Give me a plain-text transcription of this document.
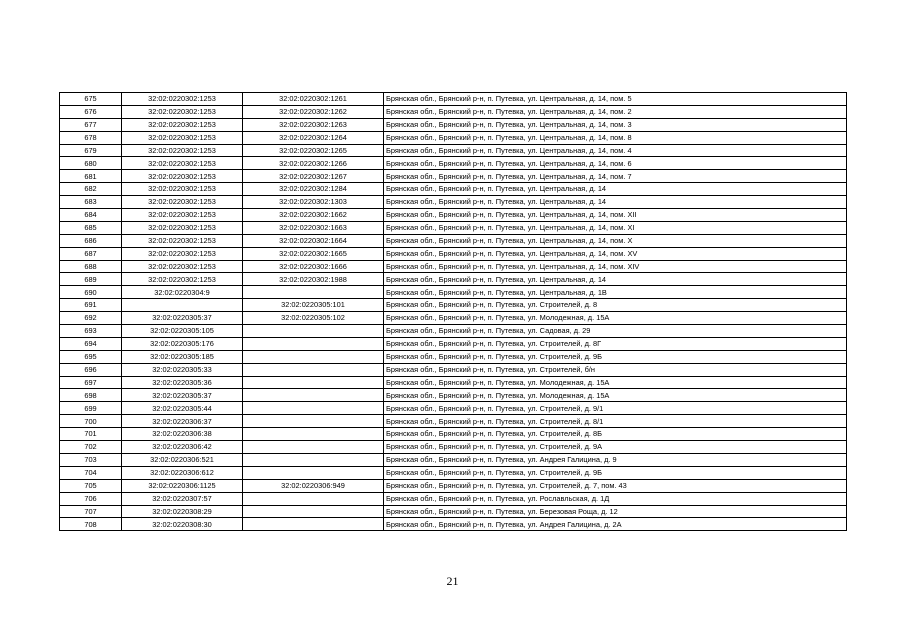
675	32:02:0220302:1253	32:02:0220302:1261	Брянская обл., Брянский р-н, п. Путевка, ул. Центральная, д. 14, пом. 5
676	32:02:0220302:1253	32:02:0220302:1262	Брянская обл., Брянский р-н, п. Путевка, ул. Центральная, д. 14, пом. 2
677	32:02:0220302:1253	32:02:0220302:1263	Брянская обл., Брянский р-н, п. Путевка, ул. Центральная, д. 14, пом. 3
678	32:02:0220302:1253	32:02:0220302:1264	Брянская обл., Брянский р-н, п. Путевка, ул. Центральная, д. 14, пом. 8
679	32:02:0220302:1253	32:02:0220302:1265	Брянская обл., Брянский р-н, п. Путевка, ул. Центральная, д. 14, пом. 4
680	32:02:0220302:1253	32:02:0220302:1266	Брянская обл., Брянский р-н, п. Путевка, ул. Центральная, д. 14, пом. 6
681	32:02:0220302:1253	32:02:0220302:1267	Брянская обл., Брянский р-н, п. Путевка, ул. Центральная, д. 14, пом. 7
682	32:02:0220302:1253	32:02:0220302:1284	Брянская обл., Брянский р-н, п. Путевка, ул. Центральная, д. 14
683	32:02:0220302:1253	32:02:0220302:1303	Брянская обл., Брянский р-н, п. Путевка, ул. Центральная, д. 14
684	32:02:0220302:1253	32:02:0220302:1662	Брянская обл., Брянский р-н, п. Путевка, ул. Центральная, д. 14, пом. XII
685	32:02:0220302:1253	32:02:0220302:1663	Брянская обл., Брянский р-н, п. Путевка, ул. Центральная, д. 14, пом. XI
686	32:02:0220302:1253	32:02:0220302:1664	Брянская обл., Брянский р-н, п. Путевка, ул. Центральная, д. 14, пом. X
687	32:02:0220302:1253	32:02:0220302:1665	Брянская обл., Брянский р-н, п. Путевка, ул. Центральная, д. 14, пом. XV
688	32:02:0220302:1253	32:02:0220302:1666	Брянская обл., Брянский р-н, п. Путевка, ул. Центральная, д. 14, пом. XIV
689	32:02:0220302:1253	32:02:0220302:1988	Брянская обл., Брянский р-н, п. Путевка, ул. Центральная, д. 14
690	32:02:0220304:9		Брянская обл., Брянский р-н, п. Путевка, ул. Центральная, д. 1В
691		32:02:0220305:101	Брянская обл., Брянский р-н, п. Путевка, ул. Строителей, д. 8
692	32:02:0220305:37	32:02:0220305:102	Брянская обл., Брянский р-н, п. Путевка, ул. Молодежная, д. 15А
693	32:02:0220305:105		Брянская обл., Брянский р-н, п. Путевка, ул. Садовая, д. 29
694	32:02:0220305:176		Брянская обл., Брянский р-н, п. Путевка, ул. Строителей, д. 8Г
695	32:02:0220305:185		Брянская обл., Брянский р-н, п. Путевка, ул. Строителей, д. 9Б
696	32:02:0220305:33		Брянская обл., Брянский р-н, п. Путевка, ул. Строителей, б/н
697	32:02:0220305:36		Брянская обл., Брянский р-н, п. Путевка, ул. Молодежная, д. 15А
698	32:02:0220305:37		Брянская обл., Брянский р-н, п. Путевка, ул. Молодежная, д. 15А
699	32:02:0220305:44		Брянская обл., Брянский р-н, п. Путевка, ул. Строителей, д. 9/1
700	32:02:0220306:37		Брянская обл., Брянский р-н, п. Путевка, ул. Строителей, д. 8/1
701	32:02:0220306:38		Брянская обл., Брянский р-н, п. Путевка, ул. Строителей, д. 8Б
702	32:02:0220306:42		Брянская обл., Брянский р-н, п. Путевка, ул. Строителей, д. 9А
703	32:02:0220306:521		Брянская обл., Брянский р-н, п. Путевка, ул. Андрея Галицина, д. 9
704	32:02:0220306:612		Брянская обл., Брянский р-н, п. Путевка, ул. Строителей, д. 9Б
705	32:02:0220306:1125	32:02:0220306:949	Брянская обл., Брянский р-н, п. Путевка, ул. Строителей, д. 7, пом. 43
706	32:02:0220307:57		Брянская обл., Брянский р-н, п. Путевка, ул. Рославльская, д. 1Д
707	32:02:0220308:29		Брянская обл., Брянский р-н, п. Путевка, ул. Березовая Роща, д. 12
708	32:02:0220308:30		Брянская обл., Брянский р-н, п. Путевка, ул. Андрея Галицина, д. 2А
21
